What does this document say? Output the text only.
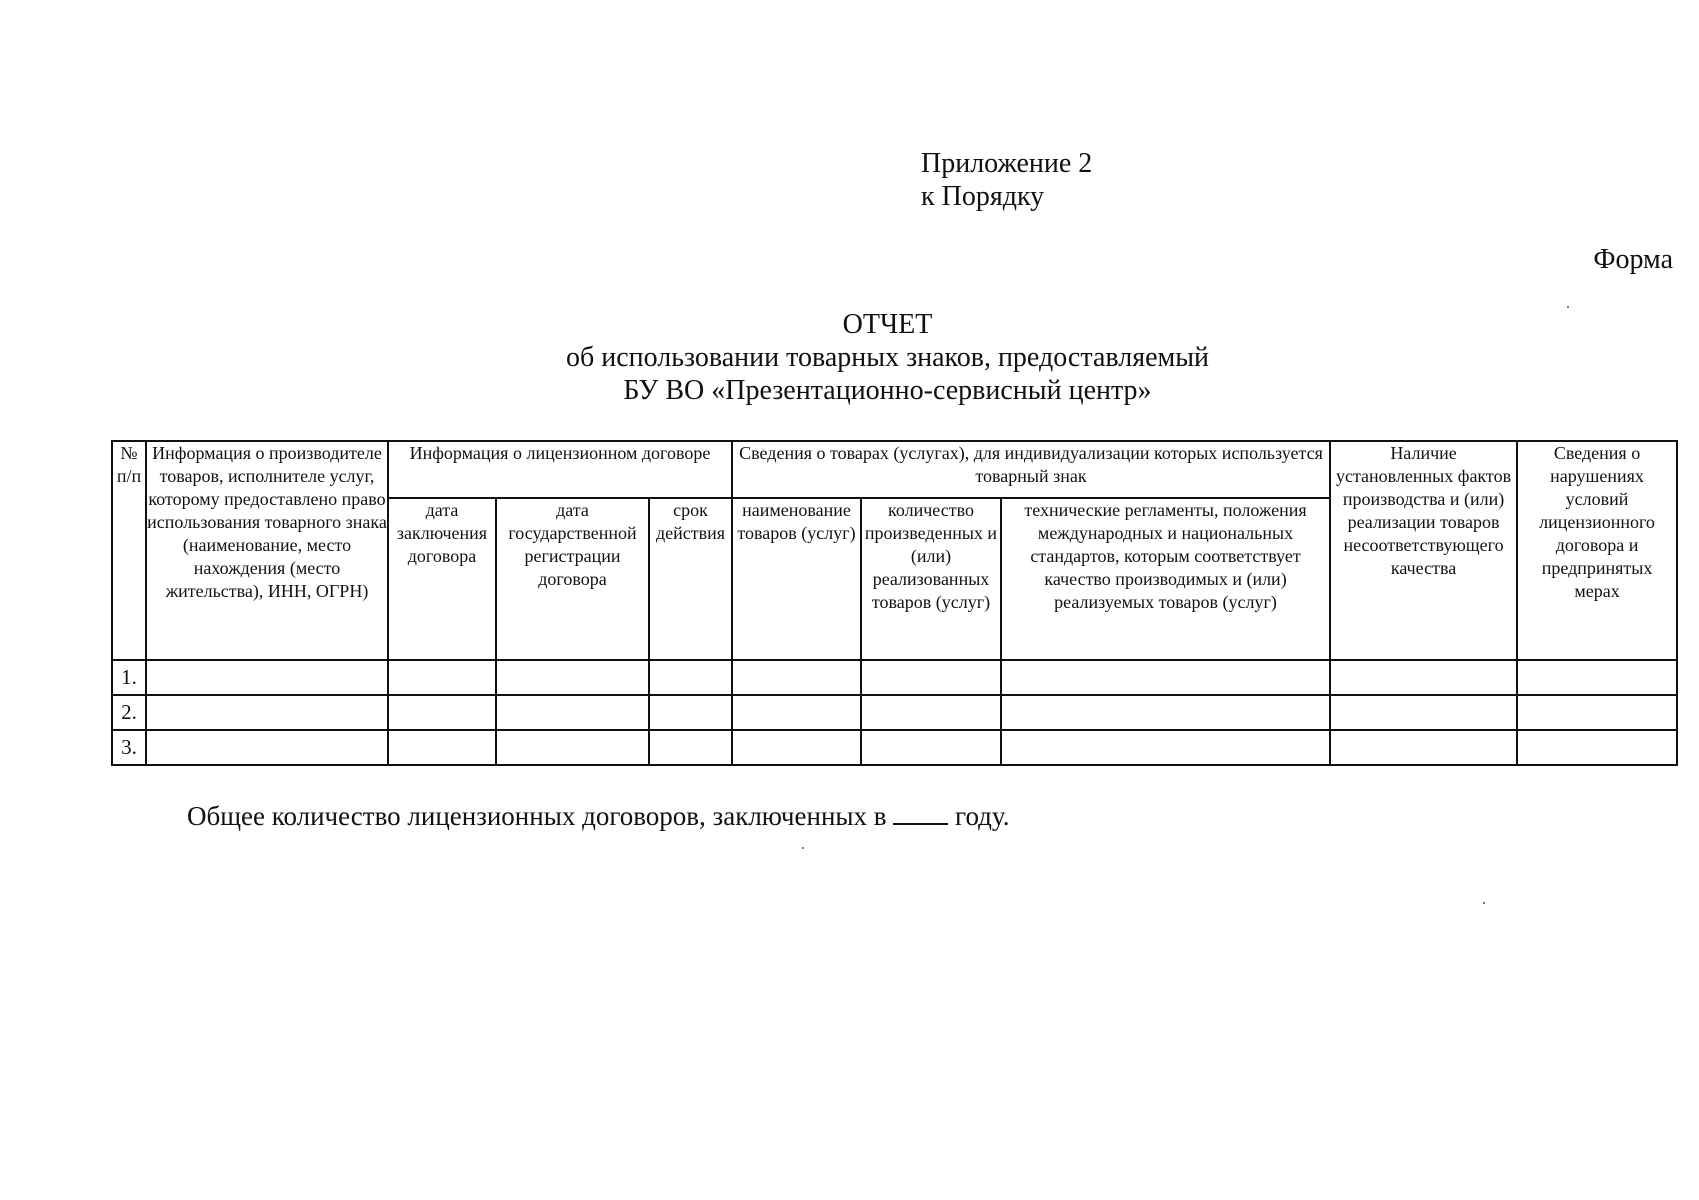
Приложение 2
к Порядку
Форма
ОТЧЕТ
об использовании товарных знаков, предоставляемый
БУ ВО «Презентационно-сервисный центр»
№ п/п	Информация о производителе товаров, исполнителе услуг, которому предоставлено право использования товарного знака (наименование, место нахождения (место жительства), ИНН, ОГРН)	Информация о лицензионном договоре			Сведения о товарах (услугах), для индивидуализации которых используется товарный знак			Наличие установленных фактов производства и (или) реализации товаров несоответствующего качества	Сведения о нарушениях условий лицензионного договора и предпринятых мерах
		дата заключения договора	дата государственной регистрации договора	срок действия	наименование товаров (услуг)	количество произведенных и (или) реализованных товаров (услуг)	технические регламенты, положения международных и национальных стандартов, которым соответствует качество производимых и (или) реализуемых товаров (услуг)		
1.									
2.									
3.									
Общее количество лицензионных договоров, заключенных в  году.
